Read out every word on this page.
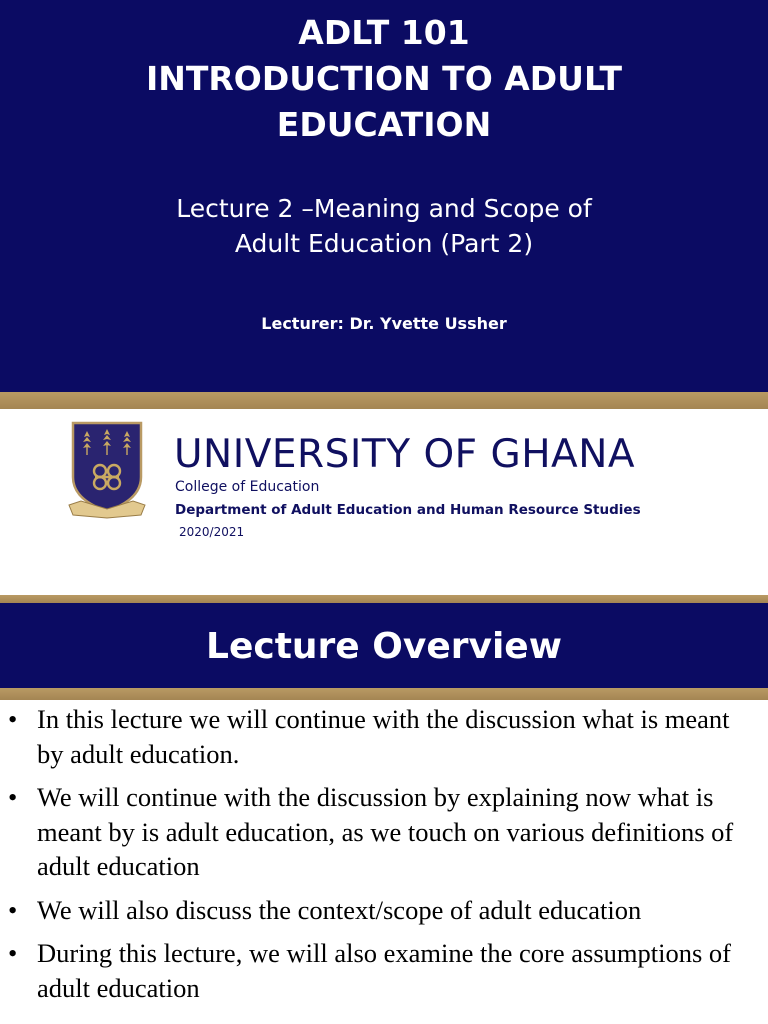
ADLT 101
INTRODUCTION TO ADULT
EDUCATION
Lecture 2 –Meaning and Scope of
Adult Education (Part 2)
Lecturer: Dr. Yvette Ussher
UNIVERSITY OF GHANA
College of Education
Department of Adult Education and Human Resource Studies
2020/2021
Lecture Overview
• In this lecture we will continue with the discussion what is meant by adult education.
• We will continue with the discussion by explaining now what is meant by is adult education, as we touch on various definitions of adult education
• We will also discuss the context/scope of adult education
• During this lecture, we will also examine the core assumptions of adult education
